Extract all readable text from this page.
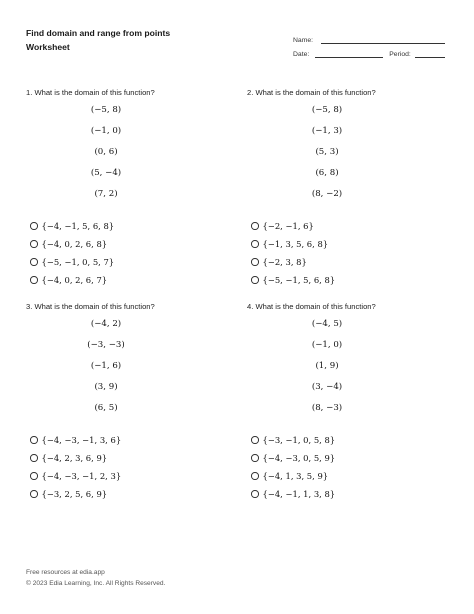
Find domain and range from points
Worksheet
Name:
Date:	Period:
1. What is the domain of this function?
(−5, 8)
(−1, 0)
(0, 6)
(5, −4)
(7, 2)
{−4, −1, 5, 6, 8}
{−4, 0, 2, 6, 8}
{−5, −1, 0, 5, 7}
{−4, 0, 2, 6, 7}
2. What is the domain of this function?
(−5, 8)
(−1, 3)
(5, 3)
(6, 8)
(8, −2)
{−2, −1, 6}
{−1, 3, 5, 6, 8}
{−2, 3, 8}
{−5, −1, 5, 6, 8}
3. What is the domain of this function?
(−4, 2)
(−3, −3)
(−1, 6)
(3, 9)
(6, 5)
{−4, −3, −1, 3, 6}
{−4, 2, 3, 6, 9}
{−4, −3, −1, 2, 3}
{−3, 2, 5, 6, 9}
4. What is the domain of this function?
(−4, 5)
(−1, 0)
(1, 9)
(3, −4)
(8, −3)
{−3, −1, 0, 5, 8}
{−4, −3, 0, 5, 9}
{−4, 1, 3, 5, 9}
{−4, −1, 1, 3, 8}
Free resources at edia.app
© 2023 Edia Learning, Inc. All Rights Reserved.
